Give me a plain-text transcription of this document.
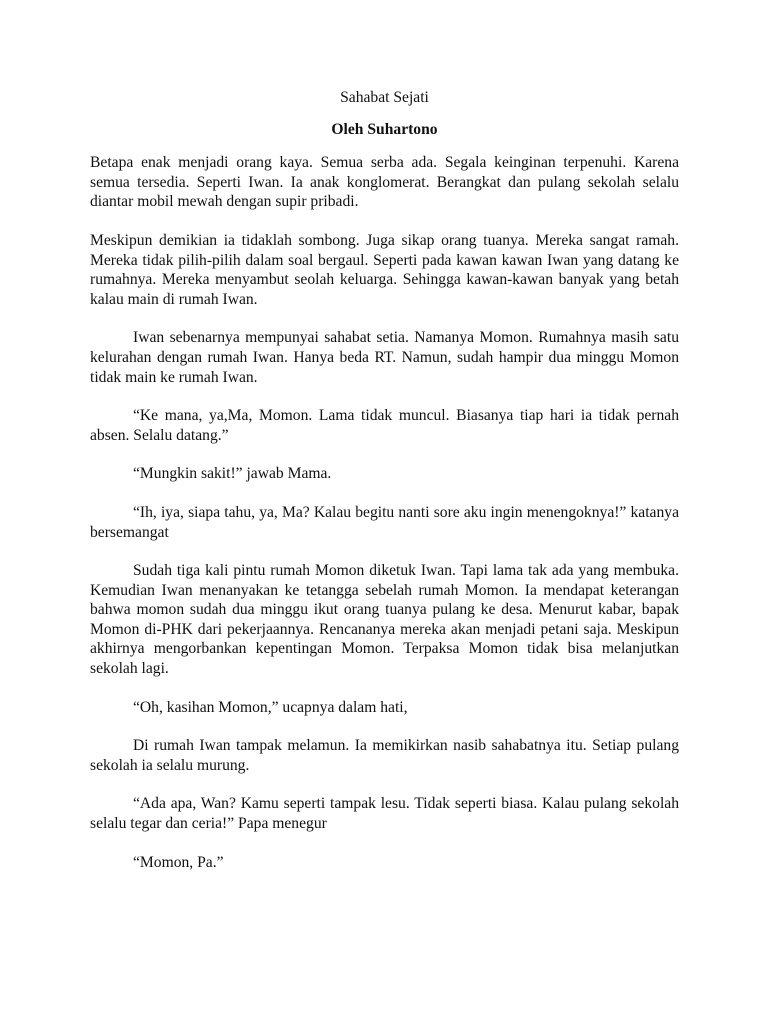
Sahabat Sejati
Oleh Suhartono

Betapa enak menjadi orang kaya. Semua serba ada. Segala keinginan terpenuhi. Karena semua tersedia. Seperti Iwan. Ia anak konglomerat. Berangkat dan pulang sekolah selalu diantar mobil mewah dengan supir pribadi.

Meskipun demikian ia tidaklah sombong. Juga sikap orang tuanya. Mereka sangat ramah. Mereka tidak pilih-pilih dalam soal bergaul. Seperti pada kawan kawan Iwan yang datang ke rumahnya. Mereka menyambut seolah keluarga. Sehingga kawan-kawan banyak yang betah kalau main di rumah Iwan.

Iwan sebenarnya mempunyai sahabat setia. Namanya Momon. Rumahnya masih satu kelurahan dengan rumah Iwan. Hanya beda RT. Namun, sudah hampir dua minggu Momon tidak main ke rumah Iwan.

“Ke mana, ya,Ma, Momon. Lama tidak muncul. Biasanya tiap hari ia tidak pernah absen. Selalu datang.”

“Mungkin sakit!” jawab Mama.

“Ih, iya, siapa tahu, ya, Ma? Kalau begitu nanti sore aku ingin menengoknya!” katanya bersemangat

Sudah tiga kali pintu rumah Momon diketuk Iwan. Tapi lama tak ada yang membuka. Kemudian Iwan menanyakan ke tetangga sebelah rumah Momon. Ia mendapat keterangan bahwa momon sudah dua minggu ikut orang tuanya pulang ke desa. Menurut kabar, bapak Momon di-PHK dari pekerjaannya. Rencananya mereka akan menjadi petani saja. Meskipun akhirnya mengorbankan kepentingan Momon. Terpaksa Momon tidak bisa melanjutkan sekolah lagi.

“Oh, kasihan Momon,” ucapnya dalam hati,

Di rumah Iwan tampak melamun. Ia memikirkan nasib sahabatnya itu. Setiap pulang sekolah ia selalu murung.

“Ada apa, Wan? Kamu seperti tampak lesu. Tidak seperti biasa. Kalau pulang sekolah selalu tegar dan ceria!” Papa menegur

“Momon, Pa.”
